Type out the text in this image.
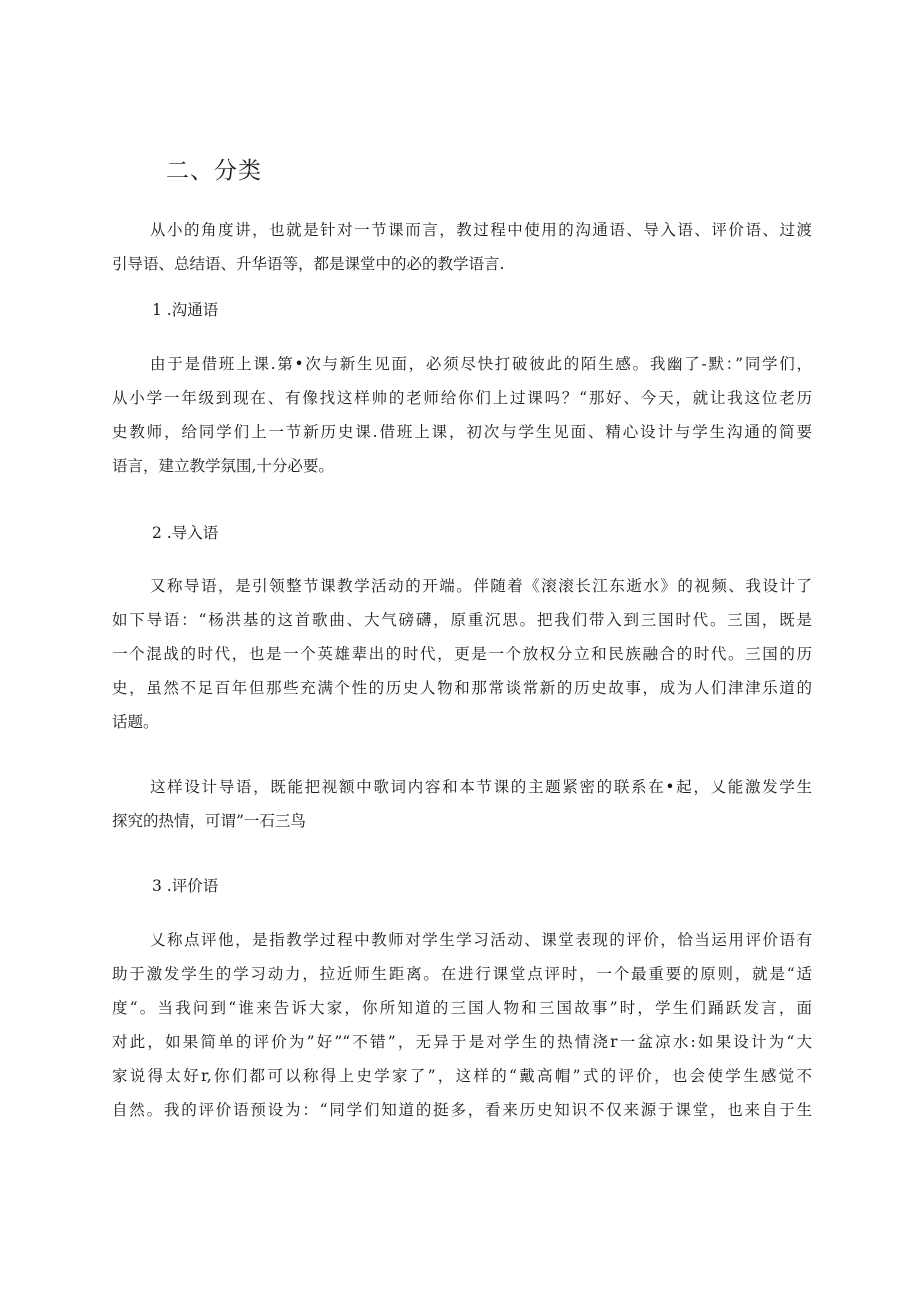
二、分类

从小的角度讲，也就是针对一节课而言，教过程中使用的沟通语、导入语、评价语、过渡
引导语、总结语、升华语等，都是课堂中的必的教学语言.

1 .沟通语

由于是借班上课.第•次与新生见面，必须尽快打破彼此的陌生感。我幽了-默：”同学们，
从小学一年级到现在、有像找这样帅的老师给你们上过课吗？“那好、今天，就让我这位老历
史教师，给同学们上一节新历史课.借班上课，初次与学生见面、精心设计与学生沟通的简要
语言，建立教学氛围,十分必要。

2 .导入语

又称导语，是引领整节课教学活动的开端。伴随着《滚滚长江东逝水》的视频、我设计了
如下导语：“杨洪基的这首歌曲、大气磅礴，原重沉思。把我们带入到三国时代。三国，既是
一个混战的时代，也是一个英雄辈出的时代，更是一个放权分立和民族融合的时代。三国的历
史，虽然不足百年但那些充满个性的历史人物和那常谈常新的历史故事，成为人们津津乐道的
话题。

这样设计导语，既能把视额中歌词内容和本节课的主题紧密的联系在•起，乂能激发学生
探究的热情，可谓”一石三鸟

3 .评价语

乂称点评他，是指教学过程中教师对学生学习活动、课堂表现的评价，恰当运用评价语有
助于激发学生的学习动力，拉近师生距离。在进行课堂点评时，一个最重要的原则，就是“适
度“。当我问到“谁来告诉大家，你所知道的三国人物和三国故事”时，学生们踊跃发言，面
对此，如果简单的评价为”好”“不错”，无异于是对学生的热情浇r一盆凉水:如果设计为“大
家说得太好r,你们都可以称得上史学家了”，这样的“戴高帽”式的评价，也会使学生感觉不
自然。我的评价语预设为：“同学们知道的挺多，看来历史知识不仅来源于课堂，也来自于生
